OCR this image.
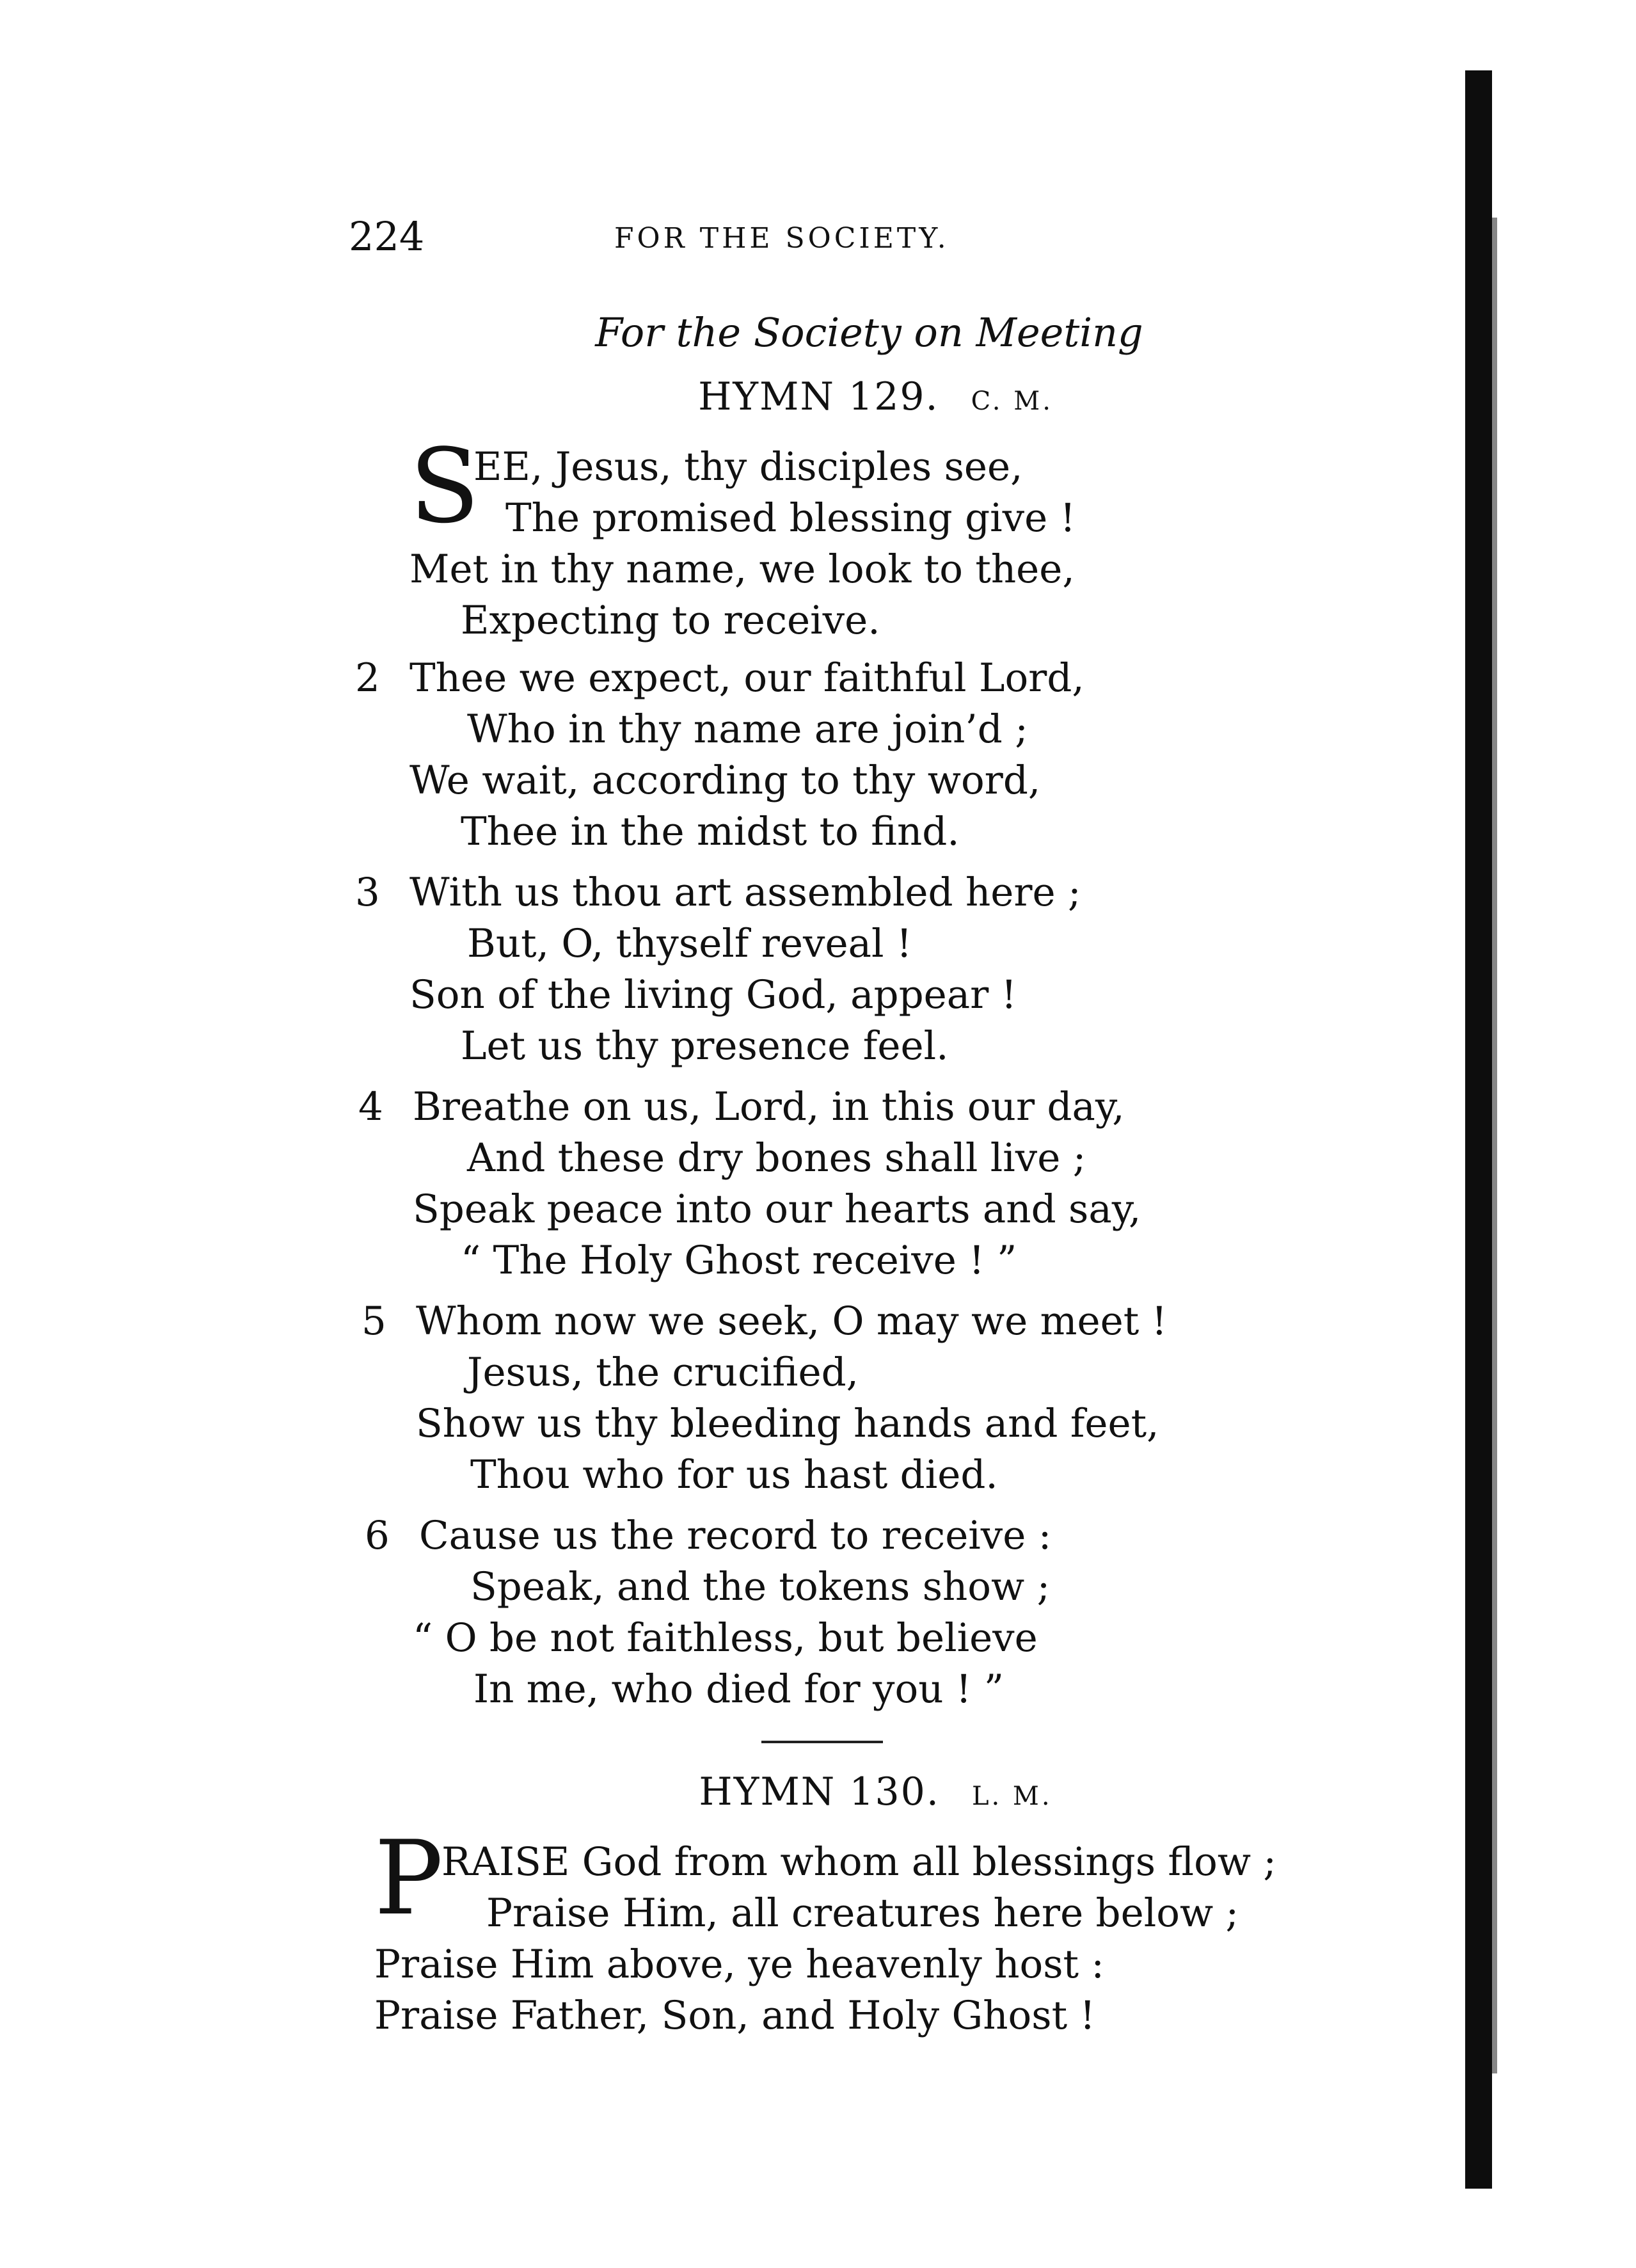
224	FOR THE SOCIETY.
For the Society on Meeting
HYMN 129. C. M.
S
EE, Jesus, thy disciples see,
The promised blessing give !
Met in thy name, we look to thee,
Expecting to receive.
2 Thee we expect, our faithful Lord,
Who in thy name are join’d ;
We wait, according to thy word,
Thee in the midst to find.
3 With us thou art assembled here ;
But, O, thyself reveal !
Son of the living God, appear !
Let us thy presence feel.
4 Breathe on us, Lord, in this our day,
And these dry bones shall live ;
Speak peace into our hearts and say,
“ The Holy Ghost receive ! ”
5 Whom now we seek, O may we meet !
Jesus, the crucified,
Show us thy bleeding hands and feet,
Thou who for us hast died.
6 Cause us the record to receive :
Speak, and the tokens show ;
“ O be not faithless, but believe
In me, who died for you ! ”
HYMN 130. L. M.
P
RAISE God from whom all blessings flow ;
Praise Him, all creatures here below ;
Praise Him above, ye heavenly host :
Praise Father, Son, and Holy Ghost !
